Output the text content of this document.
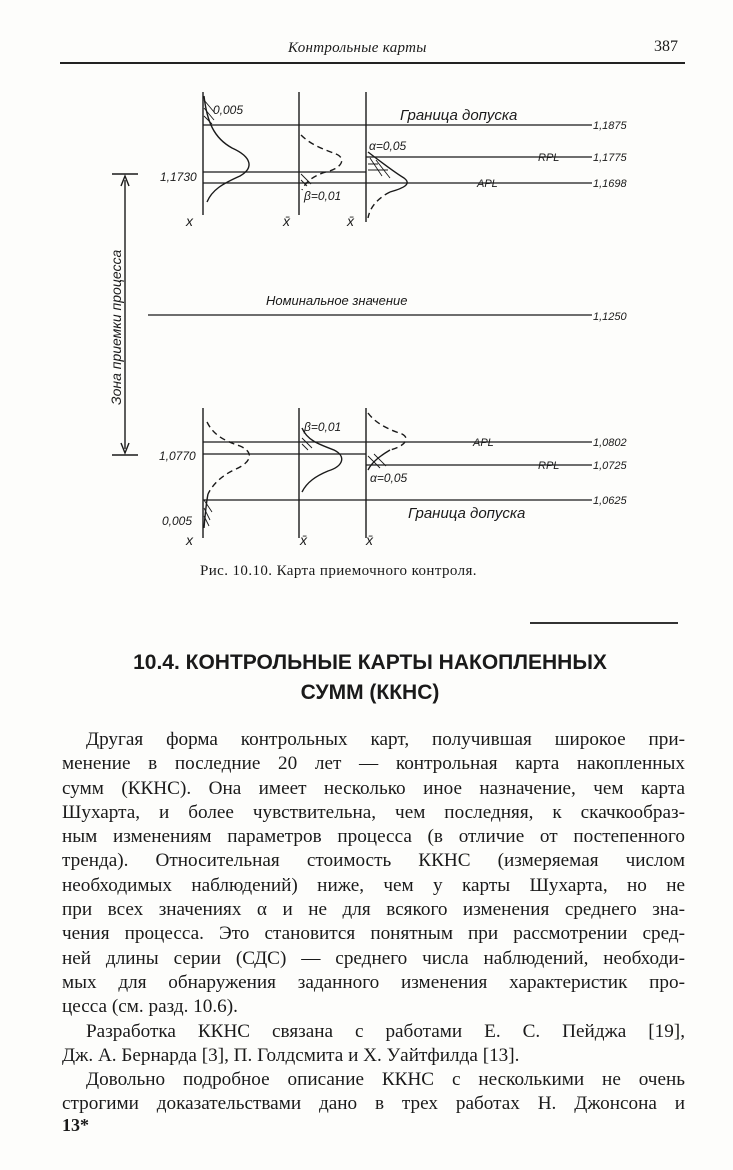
Контрольные карты	387
Зона приемки процесса
0,005	Граница допуска
α=0,05
1,1730
β=0,01
RPL
APL
1,1875
1,1775
1,1698
x	x̄	x̄
Номинальное значение
1,1250
β=0,01
APL
1,0770
RPL
α=0,05
1,0802
1,0725
1,0625
Граница допуска
0,005
x	x̄	x̄
Рис. 10.10. Карта приемочного контроля.
10.4. КОНТРОЛЬНЫЕ КАРТЫ НАКОПЛЕННЫХ
СУММ (ККНС)

Другая форма контрольных карт, получившая широкое при-
менение в последние 20 лет — контрольная карта накопленных
сумм (ККНС). Она имеет несколько иное назначение, чем карта
Шухарта, и более чувствительна, чем последняя, к скачкообраз-
ным изменениям параметров процесса (в отличие от постепенного
тренда). Относительная стоимость ККНС (измеряемая числом
необходимых наблюдений) ниже, чем у карты Шухарта, но не
при всех значениях α и не для всякого изменения среднего зна-
чения процесса. Это становится понятным при рассмотрении сред-
ней длины серии (СДС) — среднего числа наблюдений, необходи-
мых для обнаружения заданного изменения характеристик про-
цесса (см. разд. 10.6).

Разработка ККНС связана с работами Е. С. Пейджа [19],
Дж. А. Бернарда [3], П. Голдсмита и X. Уайтфилда [13].

Довольно подробное описание ККНС с несколькими не очень
строгими доказательствами дано в трех работах Н. Джонсона и

13*
